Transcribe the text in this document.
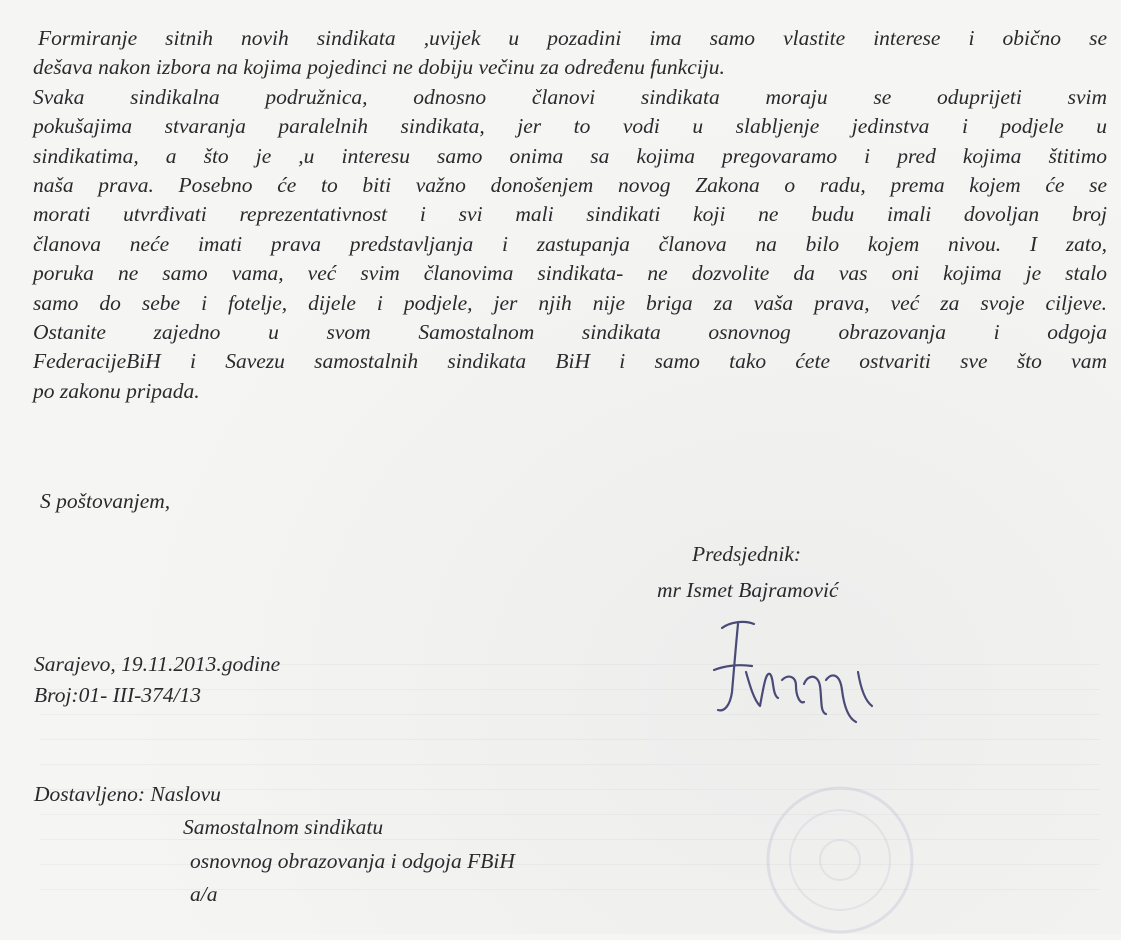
Formiranje sitnih novih sindikata ,uvijek u pozadini ima samo vlastite interese i obično se
dešava nakon izbora na kojima pojedinci ne dobiju večinu za određenu funkciju.
Svaka sindikalna podružnica, odnosno članovi sindikata moraju se oduprijeti svim
pokušajima stvaranja paralelnih sindikata, jer to vodi u slabljenje jedinstva i podjele u
sindikatima, a što je ,u interesu samo onima sa kojima pregovaramo i pred kojima štitimo
naša prava. Posebno će to biti važno donošenjem novog Zakona o radu, prema kojem će se
morati utvrđivati reprezentativnost i svi mali sindikati koji ne budu imali dovoljan broj
članova neće imati prava predstavljanja i zastupanja članova na bilo kojem nivou. I zato,
poruka ne samo vama, već svim članovima sindikata- ne dozvolite da vas oni kojima je stalo
samo do sebe i fotelje, dijele i podjele, jer njih nije briga za vaša prava, već za svoje ciljeve.
Ostanite zajedno u svom Samostalnom sindikata osnovnog obrazovanja i odgoja
FederacijeBiH i Savezu samostalnih sindikata BiH i samo tako ćete ostvariti sve što vam
po zakonu pripada.
S poštovanjem,
Predsjednik:
mr Ismet Bajramović
Sarajevo, 19.11.2013.godine
Broj:01- III-374/13
Dostavljeno: Naslovu
Samostalnom sindikatu
osnovnog obrazovanja i odgoja FBiH
a/a
